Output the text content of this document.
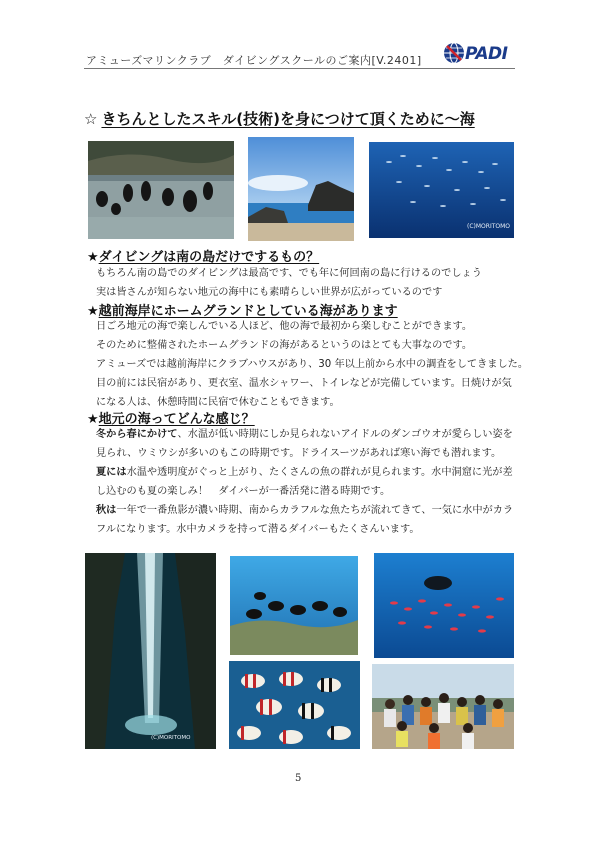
アミューズマリンクラブ　ダイビングスクールのご案内[V.2401]	PADI
☆ きちんとしたスキル(技術)を身につけて頂くために～海
(C)MORITOMO
★ダイビングは南の島だけでするもの？

もちろん南の島でのダイビングは最高です、でも年に何回南の島に行けるのでしょう

実は皆さんが知らない地元の海中にも素晴らしい世界が広がっているのです

★越前海岸にホームグランドとしている海があります

日ごろ地元の海で楽しんでいる人ほど、他の海で最初から楽しむことができます。

そのために整備されたホームグランドの海があるというのはとても大事なのです。

アミューズでは越前海岸にクラブハウスがあり、30 年以上前から水中の調査をしてきました。

目の前には民宿があり、更衣室、温水シャワー、トイレなどが完備しています。日焼けが気

になる人は、休憩時間に民宿で休むこともできます。

★地元の海ってどんな感じ？

冬から春にかけて、水温が低い時期にしか見られないアイドルのダンゴウオが愛らしい姿を

見られ、ウミウシが多いのもこの時期です。ドライスーツがあれば寒い海でも潜れます。

夏には水温や透明度がぐっと上がり、たくさんの魚の群れが見られます。水中洞窟に光が差

し込むのも夏の楽しみ！　ダイバーが一番活発に潜る時期です。

秋は一年で一番魚影が濃い時期、南からカラフルな魚たちが流れてきて、一気に水中がカラ

フルになります。水中カメラを持って潜るダイバーもたくさんいます。

(C)MORITOMO
5
